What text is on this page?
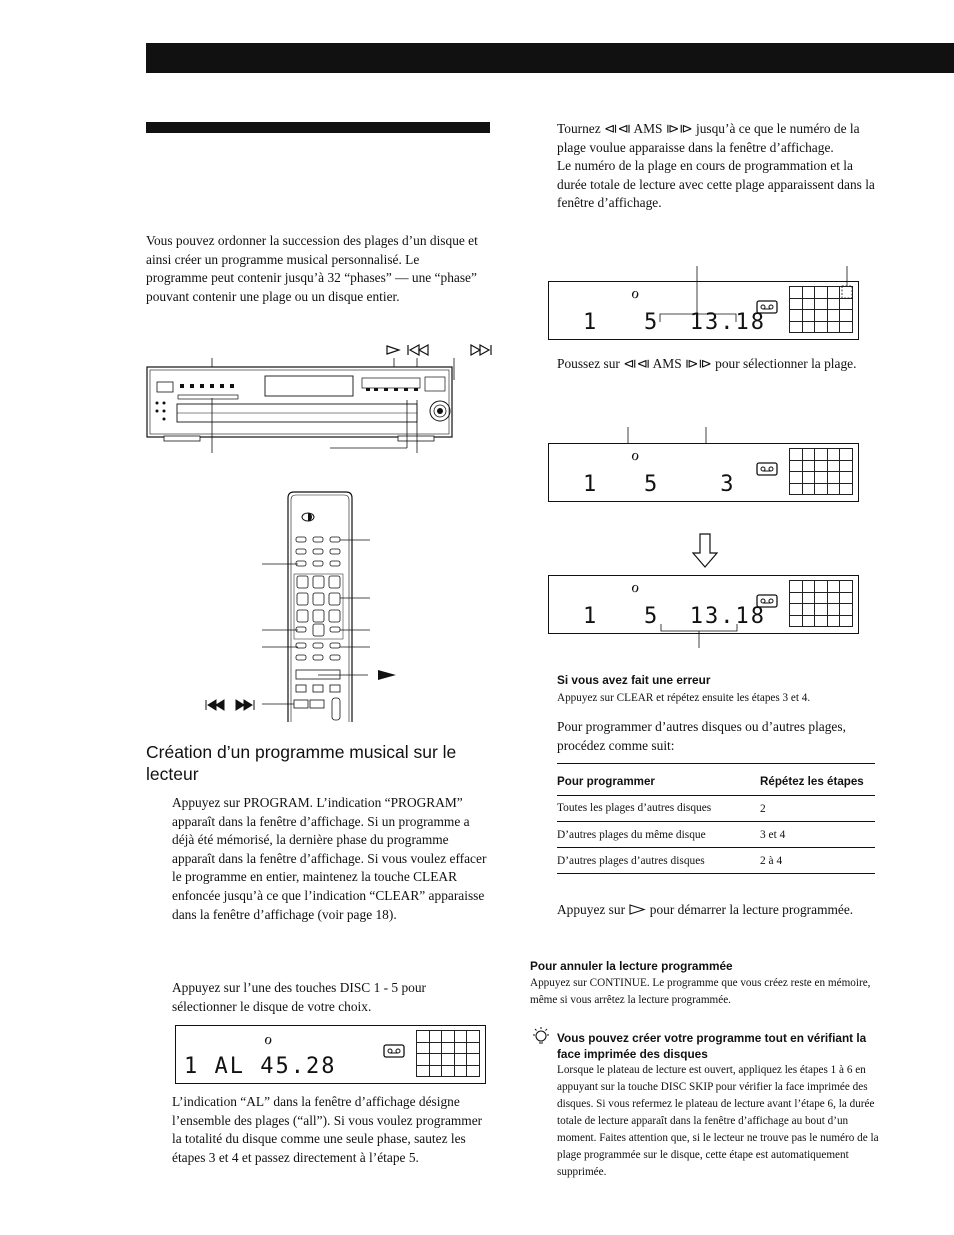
Vous pouvez ordonner la succession des plages d’un disque et ainsi créer un programme musical personnalisé. Le programme peut contenir jusqu’à 32 “phases” — une “phase” pouvant contenir une plage ou un disque entier.
Création d’un programme musical sur le lecteur
Appuyez sur PROGRAM. L’indication “PROGRAM” apparaît dans la fenêtre d’affichage. Si un programme a déjà été mémorisé, la dernière phase du programme apparaît dans la fenêtre d’affichage. Si vous voulez effacer le programme en entier, maintenez la touche CLEAR enfoncée jusqu’à ce que l’indication “CLEAR” apparaisse dans la fenêtre d’affichage (voir page 18).
Appuyez sur l’une des touches DISC 1 - 5 pour sélectionner le disque de votre choix.
ℴ
1 AL 45.28

L’indication “AL” dans la fenêtre d’affichage désigne l’ensemble des plages (“all”). Si vous voulez programmer la totalité du disque comme une seule phase, sautez les étapes 3 et 4 et passez directement à l’étape 5.
Tournez ⧏⧏ AMS ⧐⧐ jusqu’à ce que le numéro de la plage voulue apparaisse dans la fenêtre d’affichage.
Le numéro de la plage en cours de programmation et la durée totale de lecture avec cette plage apparaissent dans la fenêtre d’affichage.
ℴ
1   5  13.18

Poussez sur ⧏⧏ AMS ⧐⧐ pour sélectionner la plage.
ℴ
1   5    3

ℴ
1   5  13.18

Si vous avez fait une erreur
Appuyez sur CLEAR et répétez ensuite les étapes 3 et 4.
Pour programmer d’autres disques ou d’autres plages, procédez comme suit:
Pour programmer	Répétez les étapes
Toutes les plages d’autres disques	2
D’autres plages du même disque	3 et 4
D’autres plages d’autres disques	2 à 4
Appuyez sur pour démarrer la lecture programmée.
Pour annuler la lecture programmée
Appuyez sur CONTINUE. Le programme que vous créez reste en mémoire, même si vous arrêtez la lecture programmée.
Vous pouvez créer votre programme tout en vérifiant la face imprimée des disques
Lorsque le plateau de lecture est ouvert, appliquez les étapes 1 à 6 en appuyant sur la touche DISC SKIP pour vérifier la face imprimée des disques. Si vous refermez le plateau de lecture avant l’étape 6, la durée totale de lecture apparaît dans la fenêtre d’affichage au bout d’un moment. Faites attention que, si le lecteur ne trouve pas le numéro de la plage programmée sur le disque, cette étape est automatiquement supprimée.
